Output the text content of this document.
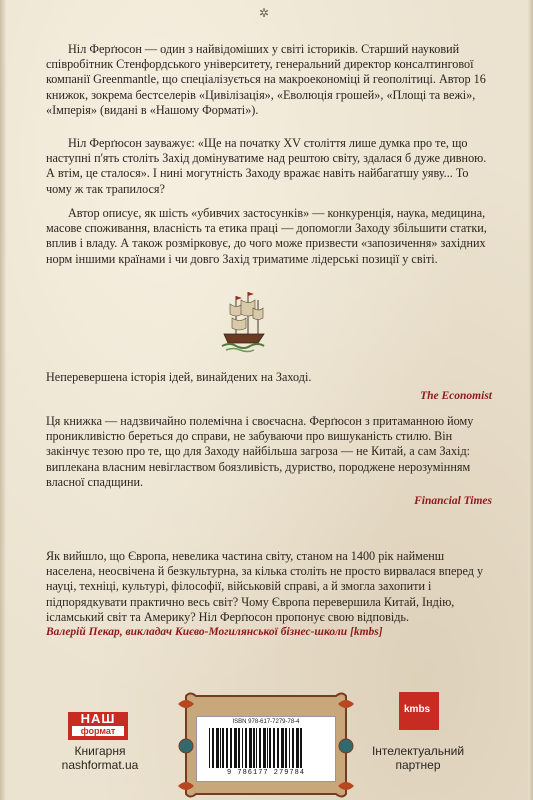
✲

Ніл Ферґюсон — один з найвідоміших у світі істориків. Старший науковий співробітник Стенфордського університету, генеральний директор консалтингової компанії Greenmantle, що спеціалізується на макроекономіці й геополітиці. Автор 16 книжок, зокрема бестселерів «Цивілізація», «Еволюція грошей», «Площі та вежі», «Імперія» (видані в «Нашому Форматі»).

Ніл Ферґюсон зауважує: «Ще на початку XV століття лише думка про те, що наступні п'ять століть Захід домінуватиме над рештою світу, здалася б дуже дивною. А втім, це сталося». І нині могутність Заходу вражає навіть найбагатшу уяву... То чому ж так трапилося?

Автор описує, як шість «убивчих застосунків» — конкуренція, наука, медицина, масове споживання, власність та етика праці — допомогли Заходу збільшити статки, вплив і владу. А також розмірковує, до чого може призвести «запозичення» західних норм іншими країнами і чи довго Захід триматиме лідерські позиції у світі.

Неперевершена історія ідей, винайдених на Заході.
The Economist
Ця книжка — надзвичайно полемічна і своєчасна. Ферґюсон з притаманною йому проникливістю береться до справи, не забуваючи про вишуканість стилю. Він закінчує тезою про те, що для Заходу найбільша загроза — не Китай, а сам Захід: виплекана власним невіглаством боязливість, дуриство, породжене нерозумінням власної спадщини.
Financial Times
Як вийшло, що Європа, невелика частина світу, станом на 1400 рік найменш населена, неосвічена й безкультурна, за кілька століть не просто вирвалася вперед у науці, техніці, культурі, філософії, військовій справі, а й змогла захопити і підпорядкувати практично весь світ? Чому Європа перевершила Китай, Індію, ісламський світ та Америку? Ніл Ферґюсон пропонує свою відповідь.
Валерій Пекар, викладач Києво-Могилянської бізнес-школи [kmbs]
НАШ
формат
Книгарня
nashformat.ua
ISBN 978-617-7279-78-4
9 786177 279784
kmbs
Інтелектуальний
партнер
